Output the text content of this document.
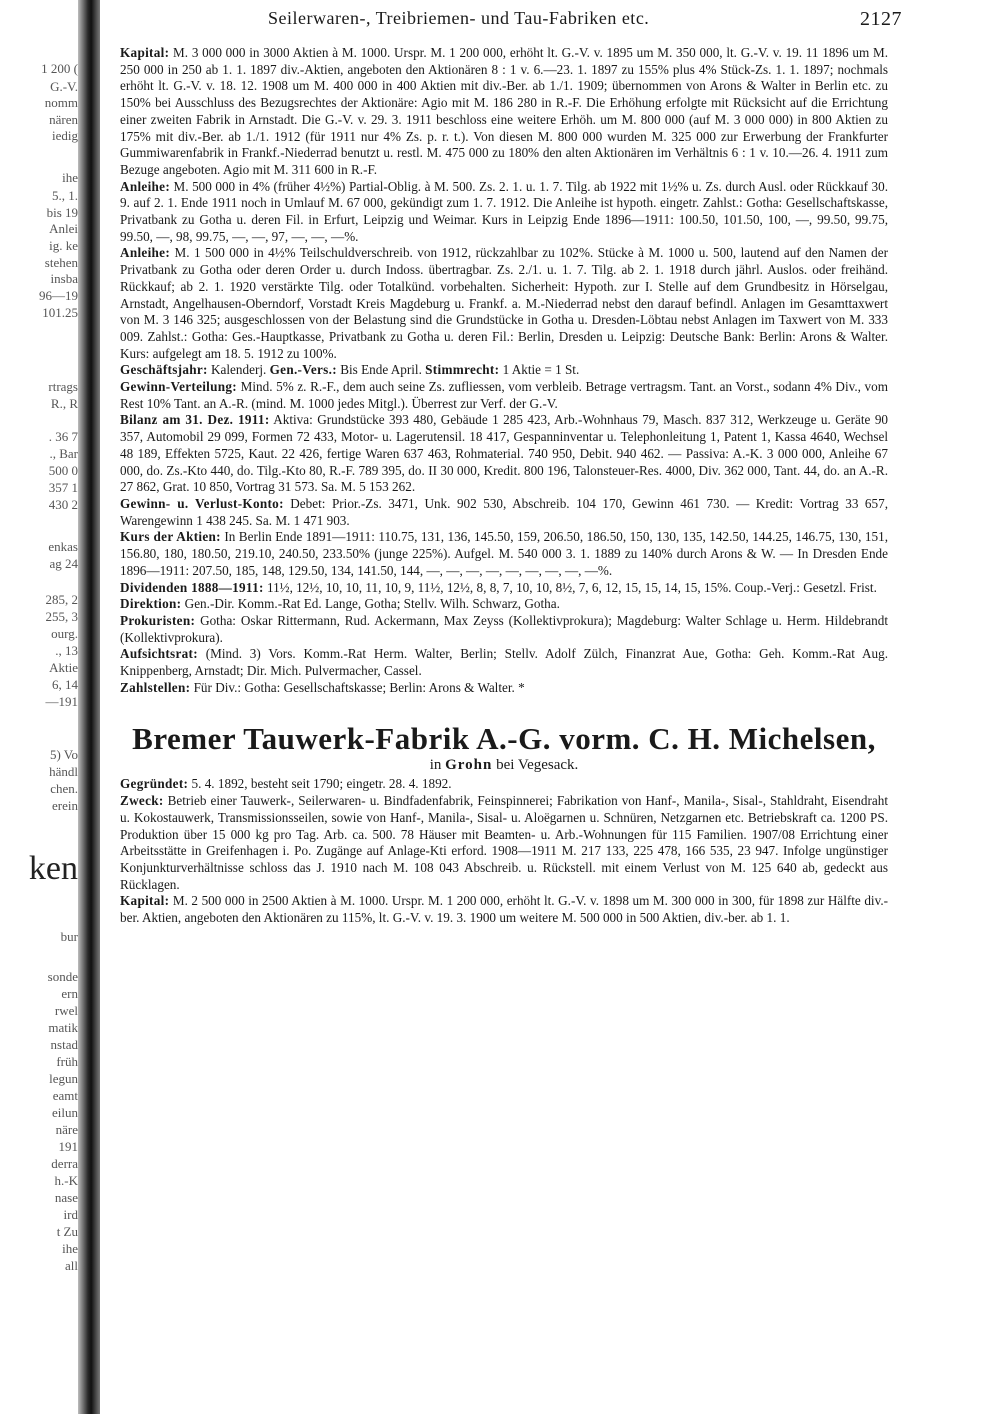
1 200 (
G.-V.
nomm
nären
iedig
ihe
5., 1.
bis 19
Anlei
ig. ke
stehen
insba
96—19
101.25
rtrags
R., R
. 36 7
., Bar
500 0
357 1
430 2
enkas
ag 24
285, 2
255, 3
ourg.
., 13
Aktie
6, 14
—191
5) Vo
händl
chen.
erein
ken
bur
sonde
ern
rwel
matik
nstad
früh
legun
eamt
eilun
näre
191
derra
h.-K
nase
ird
t Zu
ihe
all
Seilerwaren-, Treibriemen- und Tau-Fabriken etc.	2127

Kapital: M. 3 000 000 in 3000 Aktien à M. 1000. Urspr. M. 1 200 000, erhöht lt. G.-V. v. 1895 um M. 350 000, lt. G.-V. v. 19. 11 1896 um M. 250 000 in 250 ab 1. 1. 1897 div.-Aktien, angeboten den Aktionären 8 : 1 v. 6.—23. 1. 1897 zu 155% plus 4% Stück-Zs. 1. 1. 1897; nochmals erhöht lt. G.-V. v. 18. 12. 1908 um M. 400 000 in 400 Aktien mit div.-Ber. ab 1./1. 1909; übernommen von Arons & Walter in Berlin etc. zu 150% bei Ausschluss des Bezugsrechtes der Aktionäre: Agio mit M. 186 280 in R.-F. Die Erhöhung erfolgte mit Rücksicht auf die Errichtung einer zweiten Fabrik in Arnstadt. Die G.-V. v. 29. 3. 1911 beschloss eine weitere Erhöh. um M. 800 000 (auf M. 3 000 000) in 800 Aktien zu 175% mit div.-Ber. ab 1./1. 1912 (für 1911 nur 4% Zs. p. r. t.). Von diesen M. 800 000 wurden M. 325 000 zur Erwerbung der Frankfurter Gummiwarenfabrik in Frankf.-Niederrad benutzt u. restl. M. 475 000 zu 180% den alten Aktionären im Verhältnis 6 : 1 v. 10.—26. 4. 1911 zum Bezuge angeboten. Agio mit M. 311 600 in R.-F.

Anleihe: M. 500 000 in 4% (früher 4½%) Partial-Oblig. à M. 500. Zs. 2. 1. u. 1. 7. Tilg. ab 1922 mit 1½% u. Zs. durch Ausl. oder Rückkauf 30. 9. auf 2. 1. Ende 1911 noch in Umlauf M. 67 000, gekündigt zum 1. 7. 1912. Die Anleihe ist hypoth. eingetr. Zahlst.: Gotha: Gesellschaftskasse, Privatbank zu Gotha u. deren Fil. in Erfurt, Leipzig und Weimar. Kurs in Leipzig Ende 1896—1911: 100.50, 101.50, 100, —, 99.50, 99.75, 99.50, —, 98, 99.75, —, —, 97, —, —, —%.

Anleihe: M. 1 500 000 in 4½% Teilschuldverschreib. von 1912, rückzahlbar zu 102%. Stücke à M. 1000 u. 500, lautend auf den Namen der Privatbank zu Gotha oder deren Order u. durch Indoss. übertragbar. Zs. 2./1. u. 1. 7. Tilg. ab 2. 1. 1918 durch jährl. Auslos. oder freihänd. Rückkauf; ab 2. 1. 1920 verstärkte Tilg. oder Totalkünd. vorbehalten. Sicherheit: Hypoth. zur I. Stelle auf dem Grundbesitz in Hörselgau, Arnstadt, Angelhausen-Oberndorf, Vorstadt Kreis Magdeburg u. Frankf. a. M.-Niederrad nebst den darauf befindl. Anlagen im Gesamttaxwert von M. 3 146 325; ausgeschlossen von der Belastung sind die Grundstücke in Gotha u. Dresden-Löbtau nebst Anlagen im Taxwert von M. 333 009. Zahlst.: Gotha: Ges.-Hauptkasse, Privatbank zu Gotha u. deren Fil.: Berlin, Dresden u. Leipzig: Deutsche Bank: Berlin: Arons & Walter. Kurs: aufgelegt am 18. 5. 1912 zu 100%.

Geschäftsjahr: Kalenderj. Gen.-Vers.: Bis Ende April. Stimmrecht: 1 Aktie = 1 St.

Gewinn-Verteilung: Mind. 5% z. R.-F., dem auch seine Zs. zufliessen, vom verbleib. Betrage vertragsm. Tant. an Vorst., sodann 4% Div., vom Rest 10% Tant. an A.-R. (mind. M. 1000 jedes Mitgl.). Überrest zur Verf. der G.-V.

Bilanz am 31. Dez. 1911: Aktiva: Grundstücke 393 480, Gebäude 1 285 423, Arb.-Wohnhaus 79, Masch. 837 312, Werkzeuge u. Geräte 90 357, Automobil 29 099, Formen 72 433, Motor- u. Lagerutensil. 18 417, Gespanninventar u. Telephonleitung 1, Patent 1, Kassa 4640, Wechsel 48 189, Effekten 5725, Kaut. 22 426, fertige Waren 637 463, Rohmaterial. 740 950, Debit. 940 462. — Passiva: A.-K. 3 000 000, Anleihe 67 000, do. Zs.-Kto 440, do. Tilg.-Kto 80, R.-F. 789 395, do. II 30 000, Kredit. 800 196, Talonsteuer-Res. 4000, Div. 362 000, Tant. 44, do. an A.-R. 27 862, Grat. 10 850, Vortrag 31 573. Sa. M. 5 153 262.

Gewinn- u. Verlust-Konto: Debet: Prior.-Zs. 3471, Unk. 902 530, Abschreib. 104 170, Gewinn 461 730. — Kredit: Vortrag 33 657, Warengewinn 1 438 245. Sa. M. 1 471 903.

Kurs der Aktien: In Berlin Ende 1891—1911: 110.75, 131, 136, 145.50, 159, 206.50, 186.50, 150, 130, 135, 142.50, 144.25, 146.75, 130, 151, 156.80, 180, 180.50, 219.10, 240.50, 233.50% (junge 225%). Aufgel. M. 540 000 3. 1. 1889 zu 140% durch Arons & W. — In Dresden Ende 1896—1911: 207.50, 185, 148, 129.50, 134, 141.50, 144, —, —, —, —, —, —, —, —, —%.

Dividenden 1888—1911: 11½, 12½, 10, 10, 11, 10, 9, 11½, 12½, 8, 8, 7, 10, 10, 8½, 7, 6, 12, 15, 15, 14, 15, 15%. Coup.-Verj.: Gesetzl. Frist.

Direktion: Gen.-Dir. Komm.-Rat Ed. Lange, Gotha; Stellv. Wilh. Schwarz, Gotha.

Prokuristen: Gotha: Oskar Rittermann, Rud. Ackermann, Max Zeyss (Kollektivprokura); Magdeburg: Walter Schlage u. Herm. Hildebrandt (Kollektivprokura).

Aufsichtsrat: (Mind. 3) Vors. Komm.-Rat Herm. Walter, Berlin; Stellv. Adolf Zülch, Finanzrat Aue, Gotha: Geh. Komm.-Rat Aug. Knippenberg, Arnstadt; Dir. Mich. Pulvermacher, Cassel.

Zahlstellen: Für Div.: Gotha: Gesellschaftskasse; Berlin: Arons & Walter. *

Bremer Tauwerk-Fabrik A.-G. vorm. C. H. Michelsen,
in Grohn bei Vegesack.

Gegründet: 5. 4. 1892, besteht seit 1790; eingetr. 28. 4. 1892.

Zweck: Betrieb einer Tauwerk-, Seilerwaren- u. Bindfadenfabrik, Feinspinnerei; Fabrikation von Hanf-, Manila-, Sisal-, Stahldraht, Eisendraht u. Kokostauwerk, Transmissionsseilen, sowie von Hanf-, Manila-, Sisal- u. Aloëgarnen u. Schnüren, Netzgarnen etc. Betriebskraft ca. 1200 PS. Produktion über 15 000 kg pro Tag. Arb. ca. 500. 78 Häuser mit Beamten- u. Arb.-Wohnungen für 115 Familien. 1907/08 Errichtung einer Arbeitsstätte in Greifenhagen i. Po. Zugänge auf Anlage-Kti erford. 1908—1911 M. 217 133, 225 478, 166 535, 23 947. Infolge ungünstiger Konjunkturverhältnisse schloss das J. 1910 nach M. 108 043 Abschreib. u. Rückstell. mit einem Verlust von M. 125 640 ab, gedeckt aus Rücklagen.

Kapital: M. 2 500 000 in 2500 Aktien à M. 1000. Urspr. M. 1 200 000, erhöht lt. G.-V. v. 1898 um M. 300 000 in 300, für 1898 zur Hälfte div.-ber. Aktien, angeboten den Aktionären zu 115%, lt. G.-V. v. 19. 3. 1900 um weitere M. 500 000 in 500 Aktien, div.-ber. ab 1. 1.
